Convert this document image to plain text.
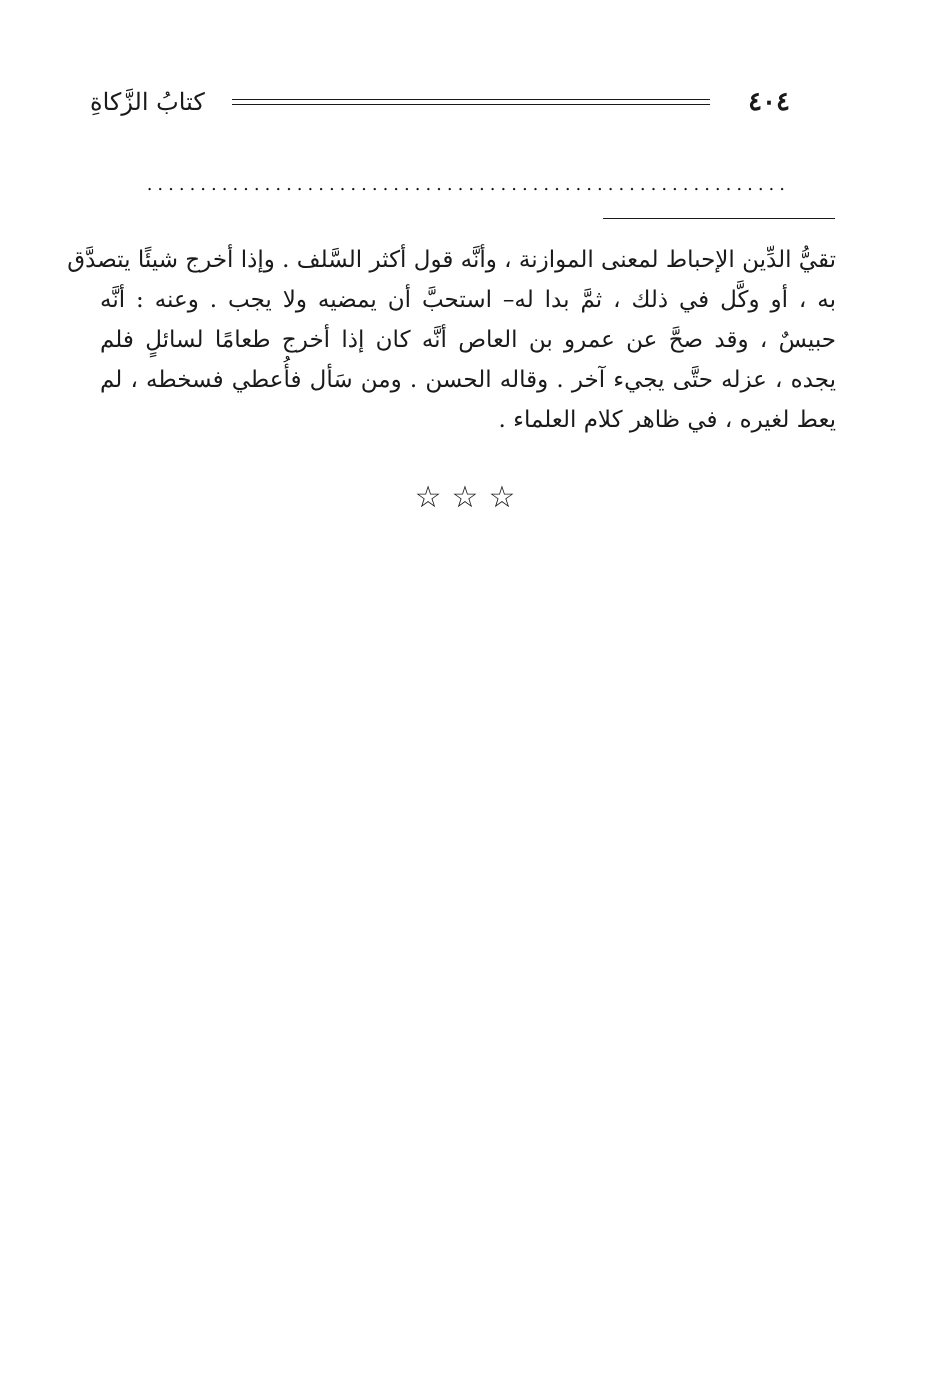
٤٠٤
كتابُ الزَّكاةِ
............................................................
تقيُّ الدِّين الإحباط لمعنى الموازنة ، وأنَّه قول أكثر السَّلف . وإذا أخرج شيئًا يتصدَّق
به ، أو وكَّل في ذلك ، ثمَّ بدا له– استحبَّ أن يمضيه ولا يجب . وعنه : أنَّه
حبيسٌ ، وقد صحَّ عن عمرو بن العاص أنَّه كان إذا أخرج طعامًا لسائلٍ فلم
يجده ، عزله حتَّى يجيء آخر . وقاله الحسن . ومن سَأل فأُعطي فسخطه ، لم
يعط لغيره ، في ظاهر كلام العلماء .
☆☆☆
